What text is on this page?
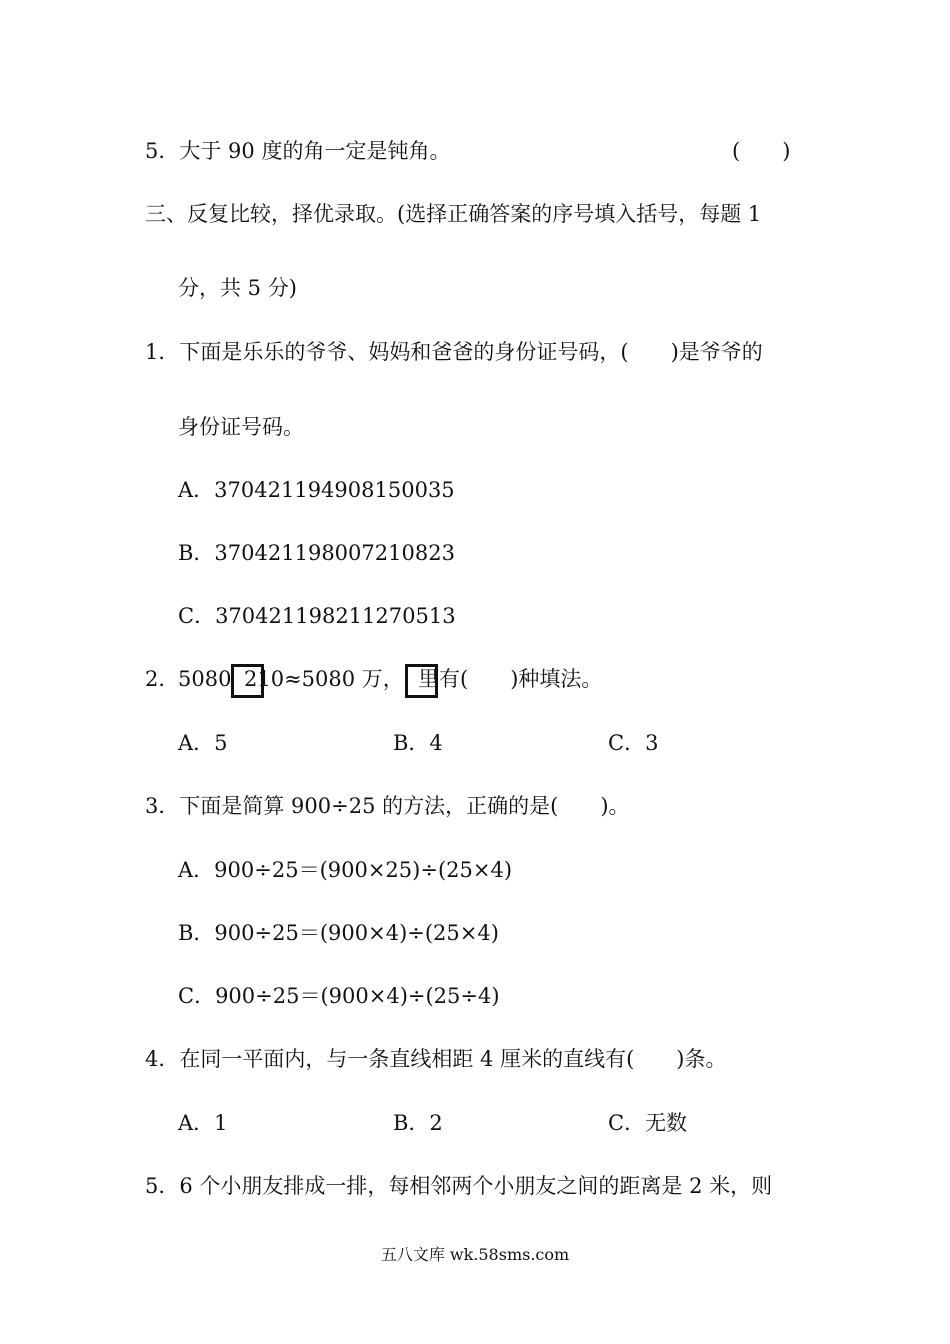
5．大于 90 度的角一定是钝角。	(　　)
三、反复比较，择优录取。(选择正确答案的序号填入括号，每题 1
分，共 5 分)
1．下面是乐乐的爷爷、妈妈和爸爸的身份证号码，(　　)是爷爷的
身份证号码。
A．370421194908150035
B．370421198007210823
C．370421198211270513
2．
5080 210≈5080 万， 里有(　　)种填法。
A．5	B．4	C．3
3．下面是简算 900÷25 的方法，正确的是(　　)。
A．900÷25＝(900×25)÷(25×4)
B．900÷25＝(900×4)÷(25×4)
C．900÷25＝(900×4)÷(25÷4)
4．在同一平面内，与一条直线相距 4 厘米的直线有(　　)条。
A．1	B．2	C．无数
5．6 个小朋友排成一排，每相邻两个小朋友之间的距离是 2 米，则
五八文库 wk.58sms.com
